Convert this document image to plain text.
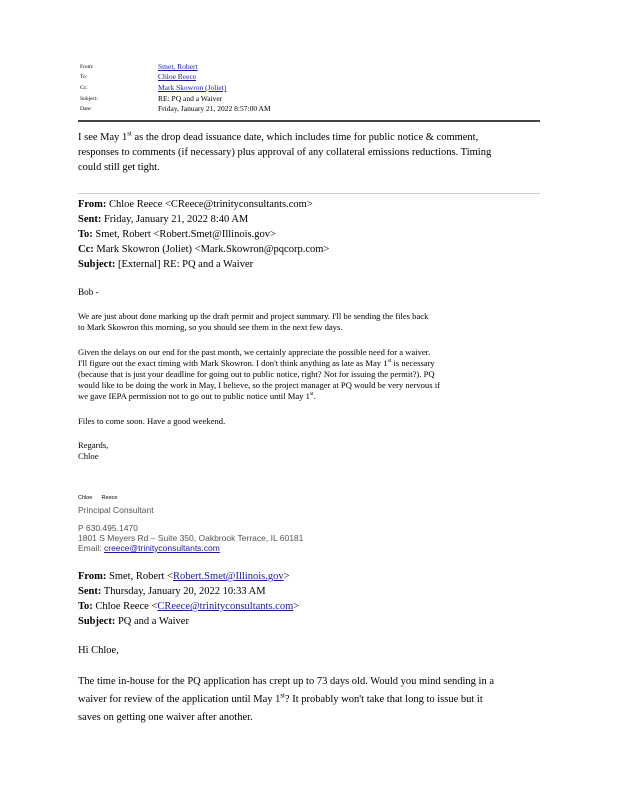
From:	Smet, Robert
To:	Chloe Reece
Cc:	Mark Skowron (Joliet)
Subject:	RE: PQ and a Waiver
Date:	Friday, January 21, 2022 8:57:00 AM
I see May 1st as the drop dead issuance date, which includes time for public notice & comment,
responses to comments (if necessary) plus approval of any collateral emissions reductions. Timing
could still get tight.
From: Chloe Reece <CReece@trinityconsultants.com>
Sent: Friday, January 21, 2022 8:40 AM
To: Smet, Robert <Robert.Smet@Illinois.gov>
Cc: Mark Skowron (Joliet) <Mark.Skowron@pqcorp.com>
Subject: [External] RE: PQ and a Waiver
Bob -
We are just about done marking up the draft permit and project summary. I'll be sending the files back
to Mark Skowron this morning, so you should see them in the next few days.
Given the delays on our end for the past month, we certainly appreciate the possible need for a waiver.
I'll figure out the exact timing with Mark Skowron. I don't think anything as late as May 1st is necessary
(because that is just your deadline for going out to public notice, right? Not for issuing the permit?). PQ
would like to be doing the work in May, I believe, so the project manager at PQ would be very nervous if
we gave IEPA permission not to go out to public notice until May 1st.
Files to come soon. Have a good weekend.
Regards,
Chloe
Chloe Reece
Principal Consultant
P 630.495.1470
1801 S Meyers Rd – Suite 350, Oakbrook Terrace, IL 60181
Email: creece@trinityconsultants.com
From: Smet, Robert <Robert.Smet@Illinois.gov>
Sent: Thursday, January 20, 2022 10:33 AM
To: Chloe Reece <CReece@trinityconsultants.com>
Subject: PQ and a Waiver
Hi Chloe,
The time in-house for the PQ application has crept up to 73 days old. Would you mind sending in a
waiver for review of the application until May 1st? It probably won't take that long to issue but it
saves on getting one waiver after another.
